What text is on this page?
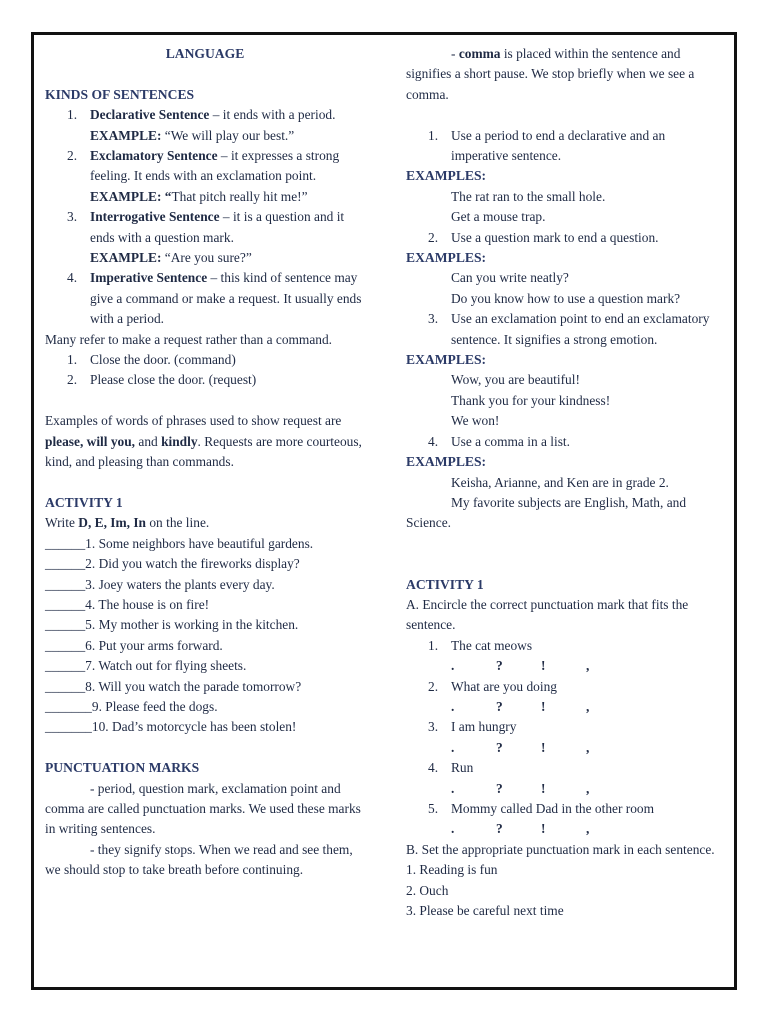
LANGUAGE
KINDS OF SENTENCES
1. Declarative Sentence – it ends with a period.
EXAMPLE: “We will play our best.”
2. Exclamatory Sentence – it expresses a strong feeling. It ends with an exclamation point.
EXAMPLE: “That pitch really hit me!”
3. Interrogative Sentence – it is a question and it ends with a question mark.
EXAMPLE: “Are you sure?”
4. Imperative Sentence – this kind of sentence may give a command or make a request. It usually ends with a period.
Many refer to make a request rather than a command.
1. Close the door. (command)
2. Please close the door. (request)
Examples of words of phrases used to show request are please, will you, and kindly. Requests are more courteous, kind, and pleasing than commands.
ACTIVITY 1
Write D, E, Im, In on the line.
______1. Some neighbors have beautiful gardens.
______2. Did you watch the fireworks display?
______3. Joey waters the plants every day.
______4. The house is on fire!
______5. My mother is working in the kitchen.
______6. Put your arms forward.
______7. Watch out for flying sheets.
______8. Will you watch the parade tomorrow?
_______9. Please feed the dogs.
_______10. Dad’s motorcycle has been stolen!
PUNCTUATION MARKS
- period, question mark, exclamation point and comma are called punctuation marks. We used these marks in writing sentences.
- they signify stops. When we read and see them, we should stop to take breath before continuing.
- comma is placed within the sentence and signifies a short pause. We stop briefly when we see a comma.
1. Use a period to end a declarative and an imperative sentence.
EXAMPLES:
The rat ran to the small hole.
Get a mouse trap.
2. Use a question mark to end a question.
EXAMPLES:
Can you write neatly?
Do you know how to use a question mark?
3. Use an exclamation point to end an exclamatory sentence. It signifies a strong emotion.
EXAMPLES:
Wow, you are beautiful!
Thank you for your kindness!
We won!
4. Use a comma in a list.
EXAMPLES:
Keisha, Arianne, and Ken are in grade 2.
My favorite subjects are English, Math, and Science.
ACTIVITY 1
A. Encircle the correct punctuation mark that fits the sentence.
1. The cat meows
.	?	!	,
2. What are you doing
.	?	!	,
3. I am hungry
.	?	!	,
4. Run
.	?	!	,
5. Mommy called Dad in the other room
.	?	!	,
B. Set the appropriate punctuation mark in each sentence.
1. Reading is fun
2. Ouch
3. Please be careful next time
